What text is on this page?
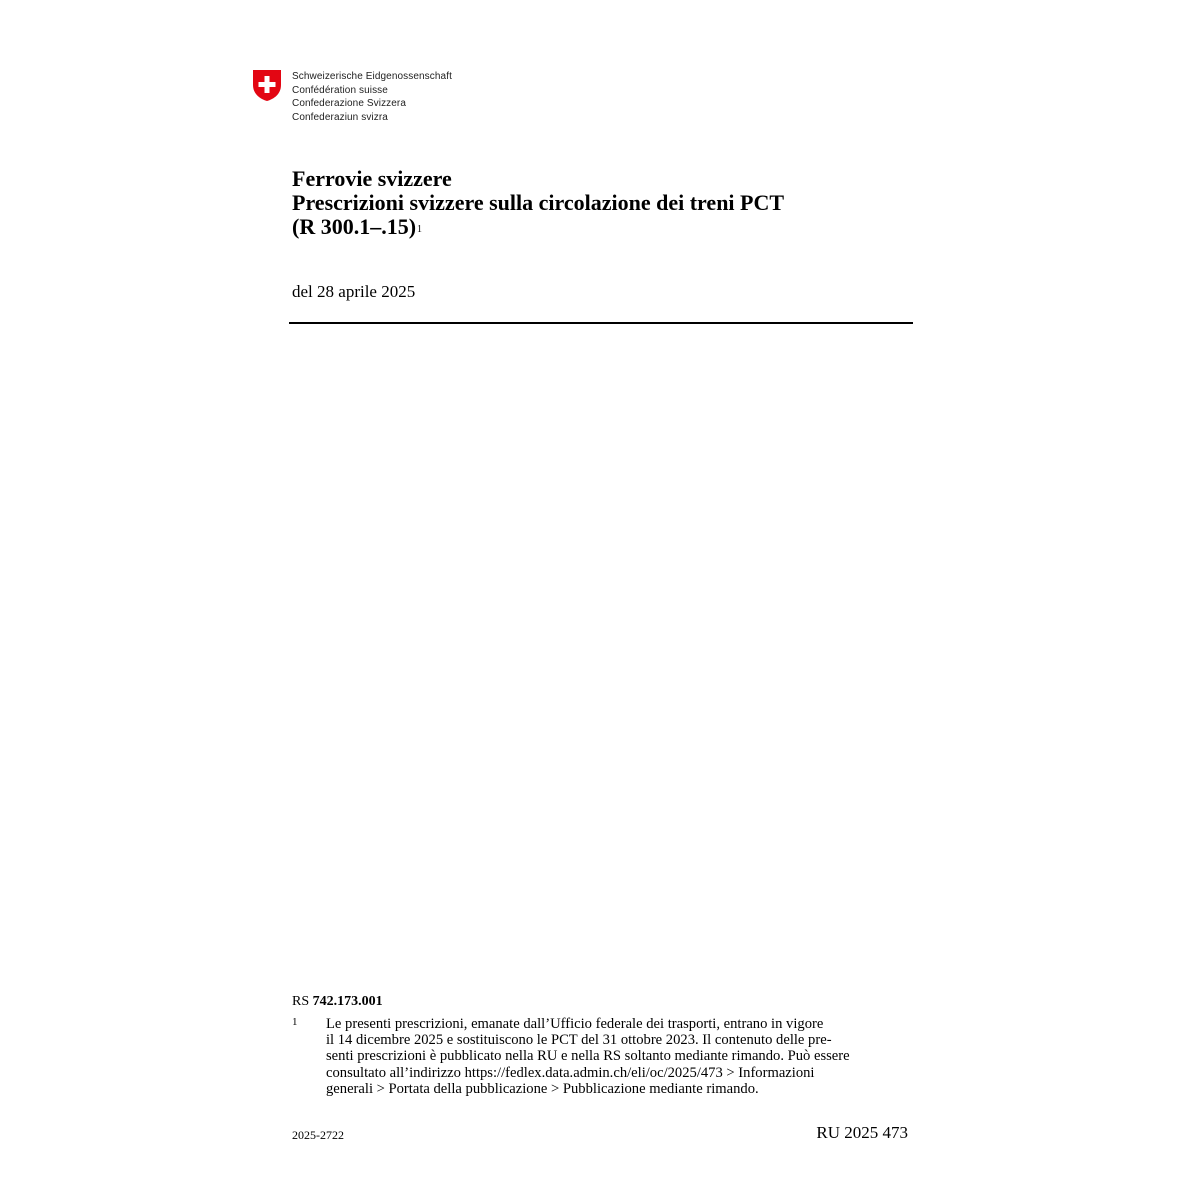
Schweizerische Eidgenossenschaft
Confédération suisse
Confederazione Svizzera
Confederaziun svizra
Ferrovie svizzere
Prescrizioni svizzere sulla circolazione dei treni PCT
(R 300.1–.15)$^1$
del 28 aprile 2025
RS 742.173.001
1 Le presenti prescrizioni, emanate dall’Ufficio federale dei trasporti, entrano in vigore
il 14 dicembre 2025 e sostituiscono le PCT del 31 ottobre 2023. Il contenuto delle pre-
senti prescrizioni è pubblicato nella RU e nella RS soltanto mediante rimando. Può essere
consultato all’indirizzo https://fedlex.data.admin.ch/eli/oc/2025/473 > Informazioni
generali > Portata della pubblicazione > Pubblicazione mediante rimando.
2025-2722	RU 2025 473
